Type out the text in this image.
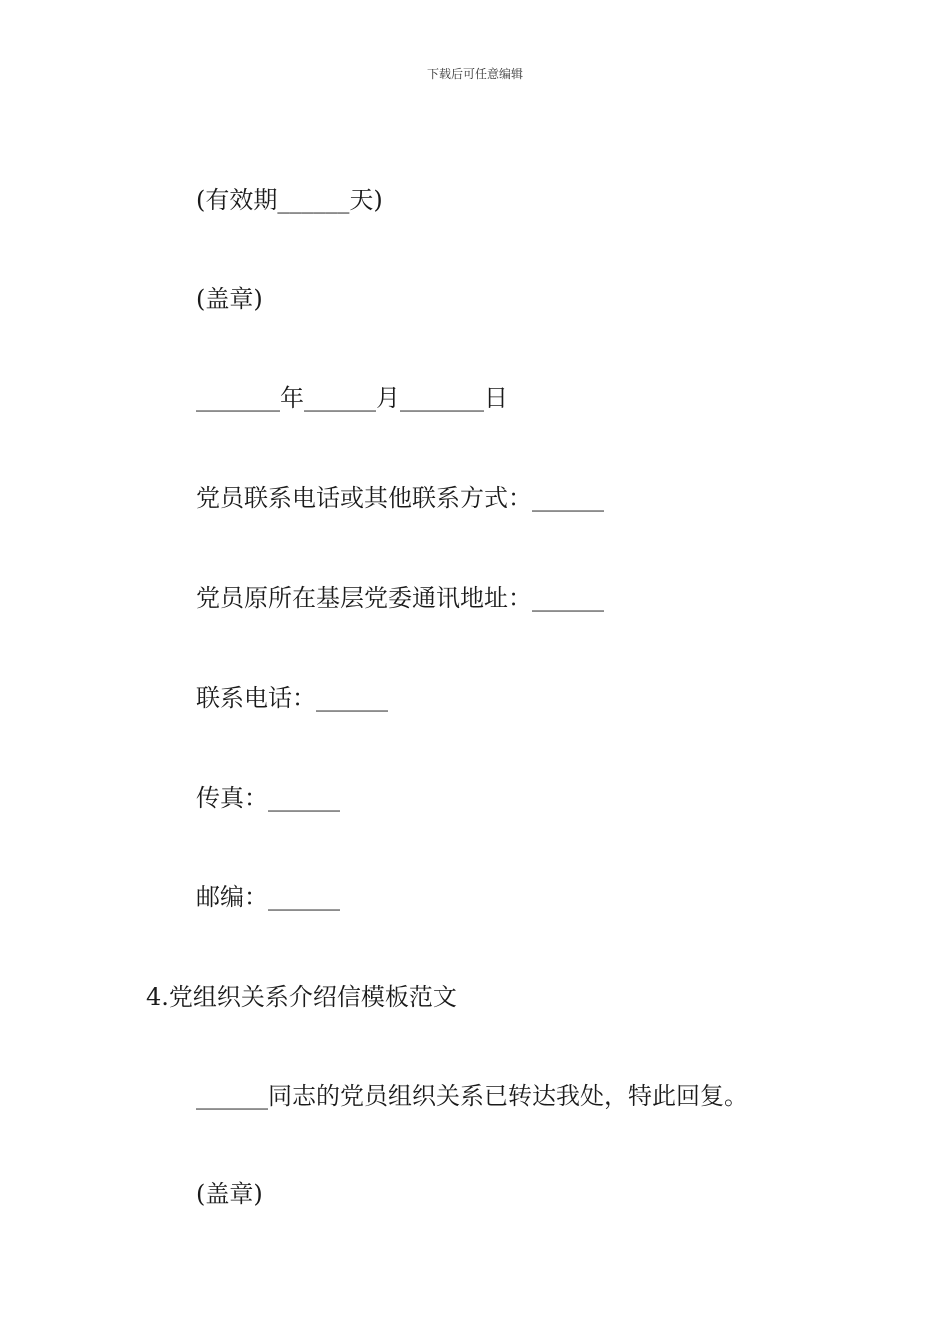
下载后可任意编辑
(有效期______天)
(盖章)
_______年______月_______日
党员联系电话或其他联系方式：______
党员原所在基层党委通讯地址：______
联系电话：______
传真：______
邮编：______
4.党组织关系介绍信模板范文
______同志的党员组织关系已转达我处，特此回复。
(盖章)
